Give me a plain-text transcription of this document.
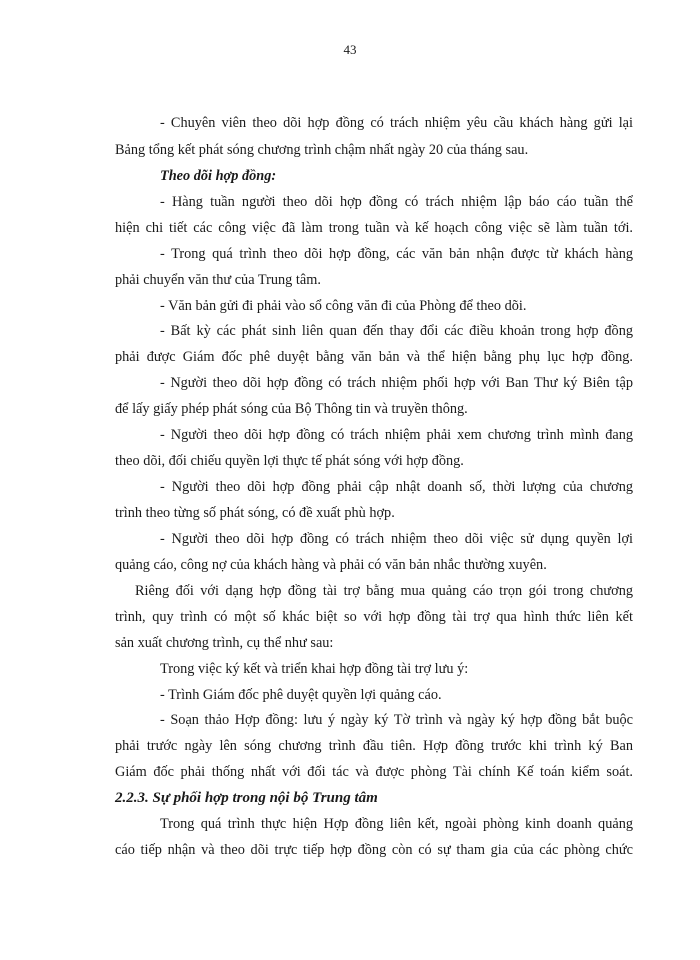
43
- Chuyên viên theo dõi hợp đồng có trách nhiệm yêu cầu khách hàng gửi lại
Bảng tổng kết phát sóng chương trình chậm nhất ngày 20 của tháng sau.
Theo dõi hợp đồng:
- Hàng tuần người theo dõi hợp đồng có trách nhiệm lập báo cáo tuần thể
hiện chi tiết các công việc đã làm trong tuần và kế hoạch công việc sẽ làm tuần tới.
- Trong quá trình theo dõi hợp đồng, các văn bản nhận được từ khách hàng
phải chuyển văn thư của Trung tâm.
- Văn bản gửi đi phải vào sổ công văn đi của Phòng để theo dõi.
- Bất kỳ các phát sinh liên quan đến thay đổi các điều khoản trong hợp đồng
phải được Giám đốc phê duyệt bằng văn bản và thể hiện bằng phụ lục hợp đồng.
- Người theo dõi hợp đồng có trách nhiệm phối hợp với Ban Thư ký Biên tập
để lấy giấy phép phát sóng của Bộ Thông tin và truyền thông.
- Người theo dõi hợp đồng có trách nhiệm phải xem chương trình mình đang
theo dõi, đối chiếu quyền lợi thực tế phát sóng với hợp đồng.
- Người theo dõi hợp đồng phải cập nhật doanh số, thời lượng của chương
trình theo từng số phát sóng, có đề xuất phù hợp.
- Người theo dõi hợp đồng có trách nhiệm theo dõi việc sử dụng quyền lợi
quảng cáo, công nợ của khách hàng và phải có văn bản nhắc thường xuyên.
Riêng đối với dạng hợp đồng tài trợ bằng mua quảng cáo trọn gói trong chương
trình, quy trình có một số khác biệt so với hợp đồng tài trợ qua hình thức liên kết
sản xuất chương trình, cụ thể như sau:
Trong việc ký kết và triển khai hợp đồng tài trợ lưu ý:
- Trình Giám đốc phê duyệt quyền lợi quảng cáo.
- Soạn thảo Hợp đồng: lưu ý ngày ký Tờ trình và ngày ký hợp đồng bắt buộc
phải trước ngày lên sóng chương trình đầu tiên. Hợp đồng trước khi trình ký Ban
Giám đốc phải thống nhất với đối tác và được phòng Tài chính Kế toán kiểm soát.
2.2.3. Sự phối hợp trong nội bộ Trung tâm
Trong quá trình thực hiện Hợp đồng liên kết, ngoài phòng kinh doanh quảng
cáo tiếp nhận và theo dõi trực tiếp hợp đồng còn có sự tham gia của các phòng chức
